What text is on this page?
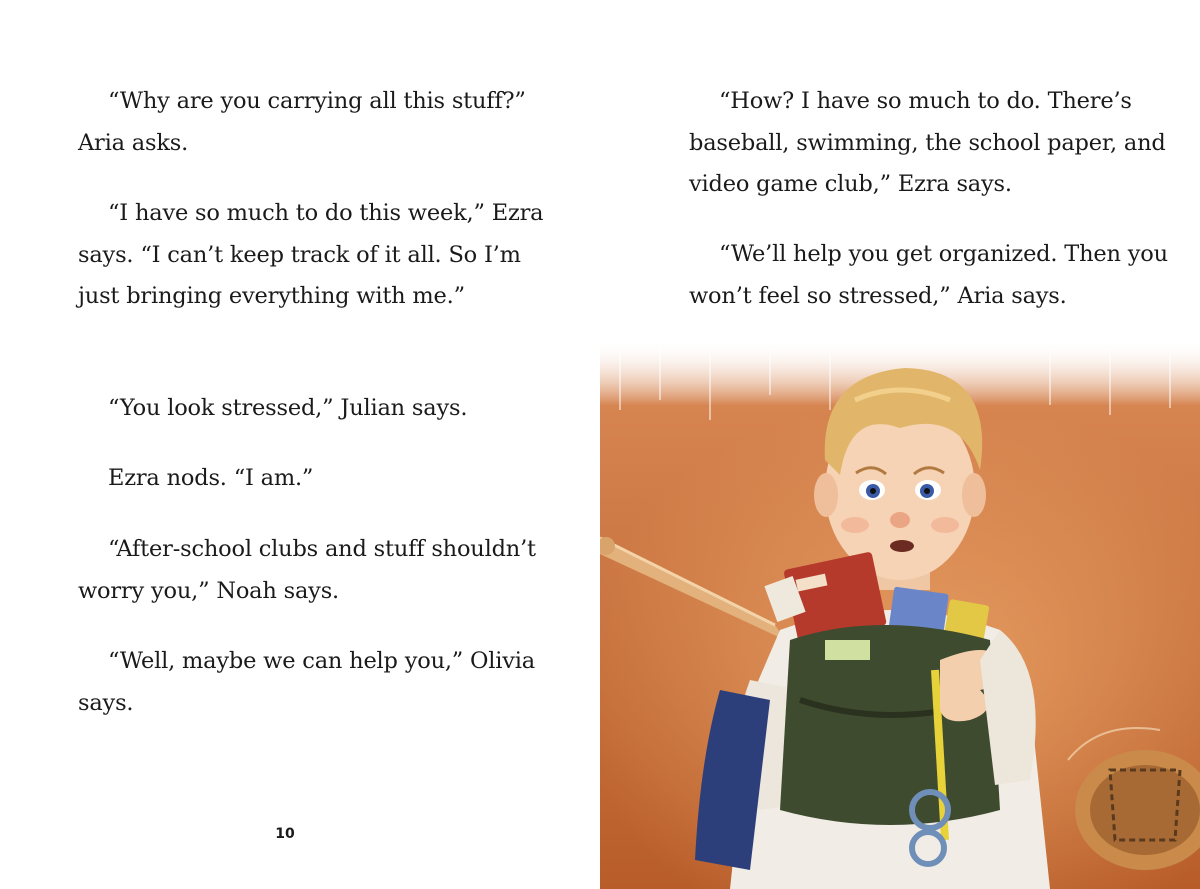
“Why are you carrying all this stuff?” Aria asks.

“I have so much to do this week,” Ezra says. “I can’t keep track of it all. So I’m just bringing everything with me.”

“You look stressed,” Julian says.

Ezra nods. “I am.”

“After-school clubs and stuff shouldn’t worry you,” Noah says.

“Well, maybe we can help you,” Olivia says.

10

“How? I have so much to do. There’s baseball, swimming, the school paper, and video game club,” Ezra says.

“We’ll help you get organized. Then you won’t feel so stressed,” Aria says.
